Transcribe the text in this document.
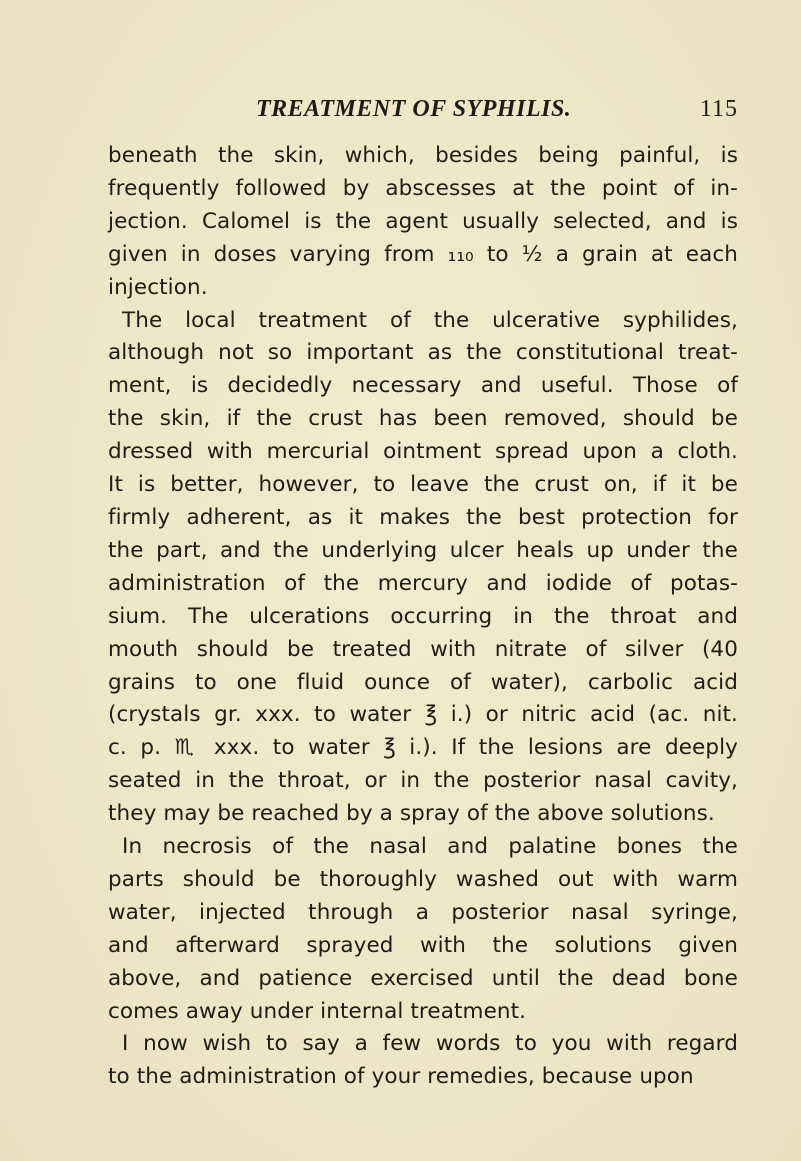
TREATMENT OF SYPHILIS.	115

beneath the skin, which, besides being painful, is

frequently followed by abscesses at the point of in-

jection. Calomel is the agent usually selected, and is

given in doses varying from ₁₁₀ to ½ a grain at each

injection.

The local treatment of the ulcerative syphilides,

although not so important as the constitutional treat-

ment, is decidedly necessary and useful. Those of

the skin, if the crust has been removed, should be

dressed with mercurial ointment spread upon a cloth.

It is better, however, to leave the crust on, if it be

firmly adherent, as it makes the best protection for

the part, and the underlying ulcer heals up under the

administration of the mercury and iodide of potas-

sium. The ulcerations occurring in the throat and

mouth should be treated with nitrate of silver (40

grains to one fluid ounce of water), carbolic acid

(crystals gr. xxx. to water ℥ i.) or nitric acid (ac. nit.

c. p. ♏ xxx. to water ℥ i.). If the lesions are deeply

seated in the throat, or in the posterior nasal cavity,

they may be reached by a spray of the above solutions.

In necrosis of the nasal and palatine bones the

parts should be thoroughly washed out with warm

water, injected through a posterior nasal syringe,

and afterward sprayed with the solutions given

above, and patience exercised until the dead bone

comes away under internal treatment.

I now wish to say a few words to you with regard

to the administration of your remedies, because upon
